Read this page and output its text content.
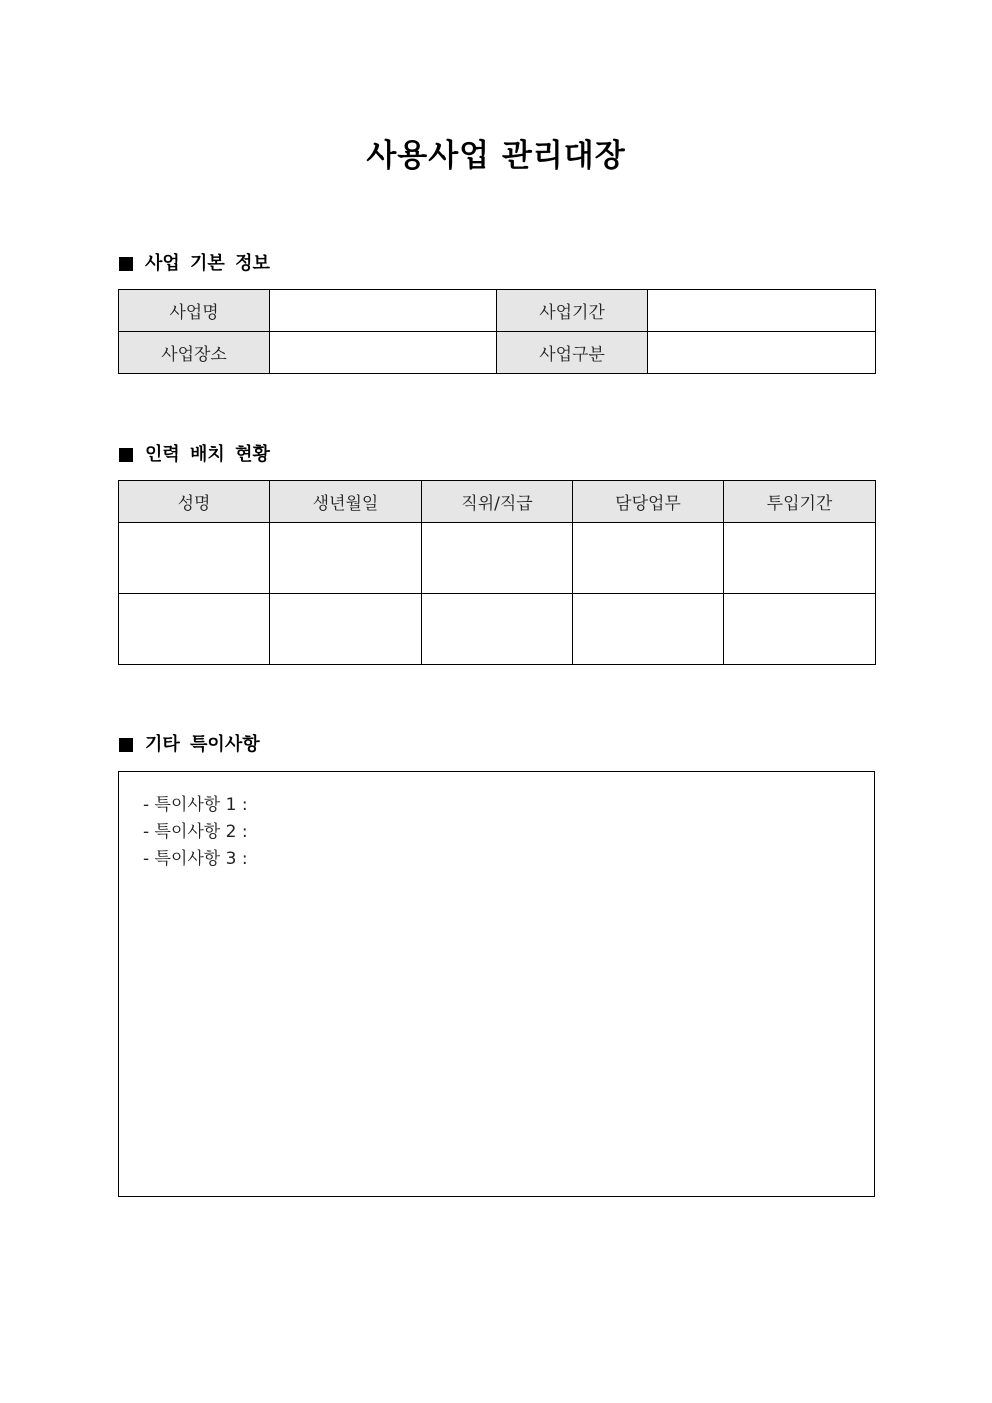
사용사업 관리대장
사업 기본 정보
사업명		사업기간	
사업장소		사업구분	
인력 배치 현황
성명	생년월일	직위/직급	담당업무	투입기간

기타 특이사항
- 특이사항 1 :
- 특이사항 2 :
- 특이사항 3 :
